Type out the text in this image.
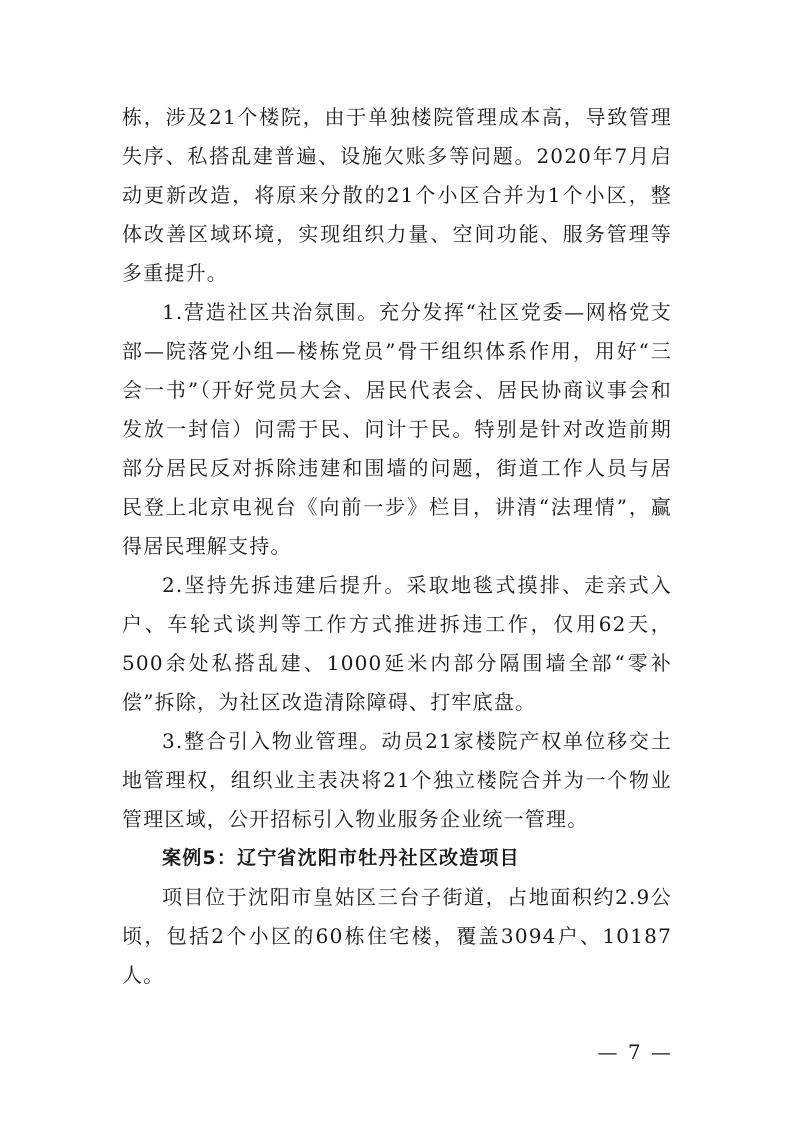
栋，涉及21个楼院，由于单独楼院管理成本高，导致管理失序、私搭乱建普遍、设施欠账多等问题。2020年7月启动更新改造，将原来分散的21个小区合并为1个小区，整体改善区域环境，实现组织力量、空间功能、服务管理等多重提升。

1.营造社区共治氛围。充分发挥“社区党委—网格党支部—院落党小组—楼栋党员”骨干组织体系作用，用好“三会一书”（开好党员大会、居民代表会、居民协商议事会和发放一封信）问需于民、问计于民。特别是针对改造前期部分居民反对拆除违建和围墙的问题，街道工作人员与居民登上北京电视台《向前一步》栏目，讲清“法理情”，赢得居民理解支持。

2.坚持先拆违建后提升。采取地毯式摸排、走亲式入户、车轮式谈判等工作方式推进拆违工作，仅用62天，500余处私搭乱建、1000延米内部分隔围墙全部“零补偿”拆除，为社区改造清除障碍、打牢底盘。

3.整合引入物业管理。动员21家楼院产权单位移交土地管理权，组织业主表决将21个独立楼院合并为一个物业管理区域，公开招标引入物业服务企业统一管理。

案例5：辽宁省沈阳市牡丹社区改造项目

项目位于沈阳市皇姑区三台子街道，占地面积约2.9公顷，包括2个小区的60栋住宅楼，覆盖3094户、10187人。

— 7 —
